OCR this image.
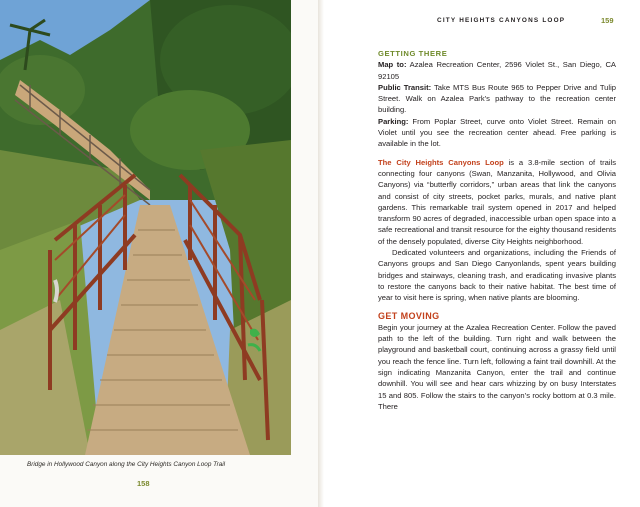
Bridge in Hollywood Canyon along the City Heights Canyon Loop Trail
158
CITY HEIGHTS CANYONS LOOP	159
GETTING THERE

Map to: Azalea Recreation Center, 2596 Violet St., San Diego, CA 92105

Public Transit: Take MTS Bus Route 965 to Pepper Drive and Tulip Street. Walk on Azalea Park’s pathway to the recreation center building.

Parking: From Poplar Street, curve onto Violet Street. Remain on Violet until you see the recreation center ahead. Free parking is available in the lot.

The City Heights Canyons Loop is a 3.8-mile section of trails connecting four canyons (Swan, Manzanita, Hollywood, and Olivia Canyons) via “butterfly corridors,” urban areas that link the canyons and consist of city streets, pocket parks, murals, and native plant gardens. This remarkable trail system opened in 2017 and helped transform 90 acres of degraded, inaccessible urban open space into a safe recreational and transit resource for the eighty thousand residents of the densely populated, diverse City Heights neighborhood.

Dedicated volunteers and organizations, including the Friends of Canyons groups and San Diego Canyonlands, spent years building bridges and stairways, cleaning trash, and eradicating invasive plants to restore the canyons back to their native habitat. The best time of year to visit here is spring, when native plants are blooming.

GET MOVING

Begin your journey at the Azalea Recreation Center. Follow the paved path to the left of the building. Turn right and walk between the playground and basketball court, continuing across a grassy field until you reach the fence line. Turn left, following a faint trail downhill. At the sign indicating Manzanita Canyon, enter the trail and continue downhill. You will see and hear cars whizzing by on busy Interstates 15 and 805. Follow the stairs to the canyon’s rocky bottom at 0.3 mile. There
